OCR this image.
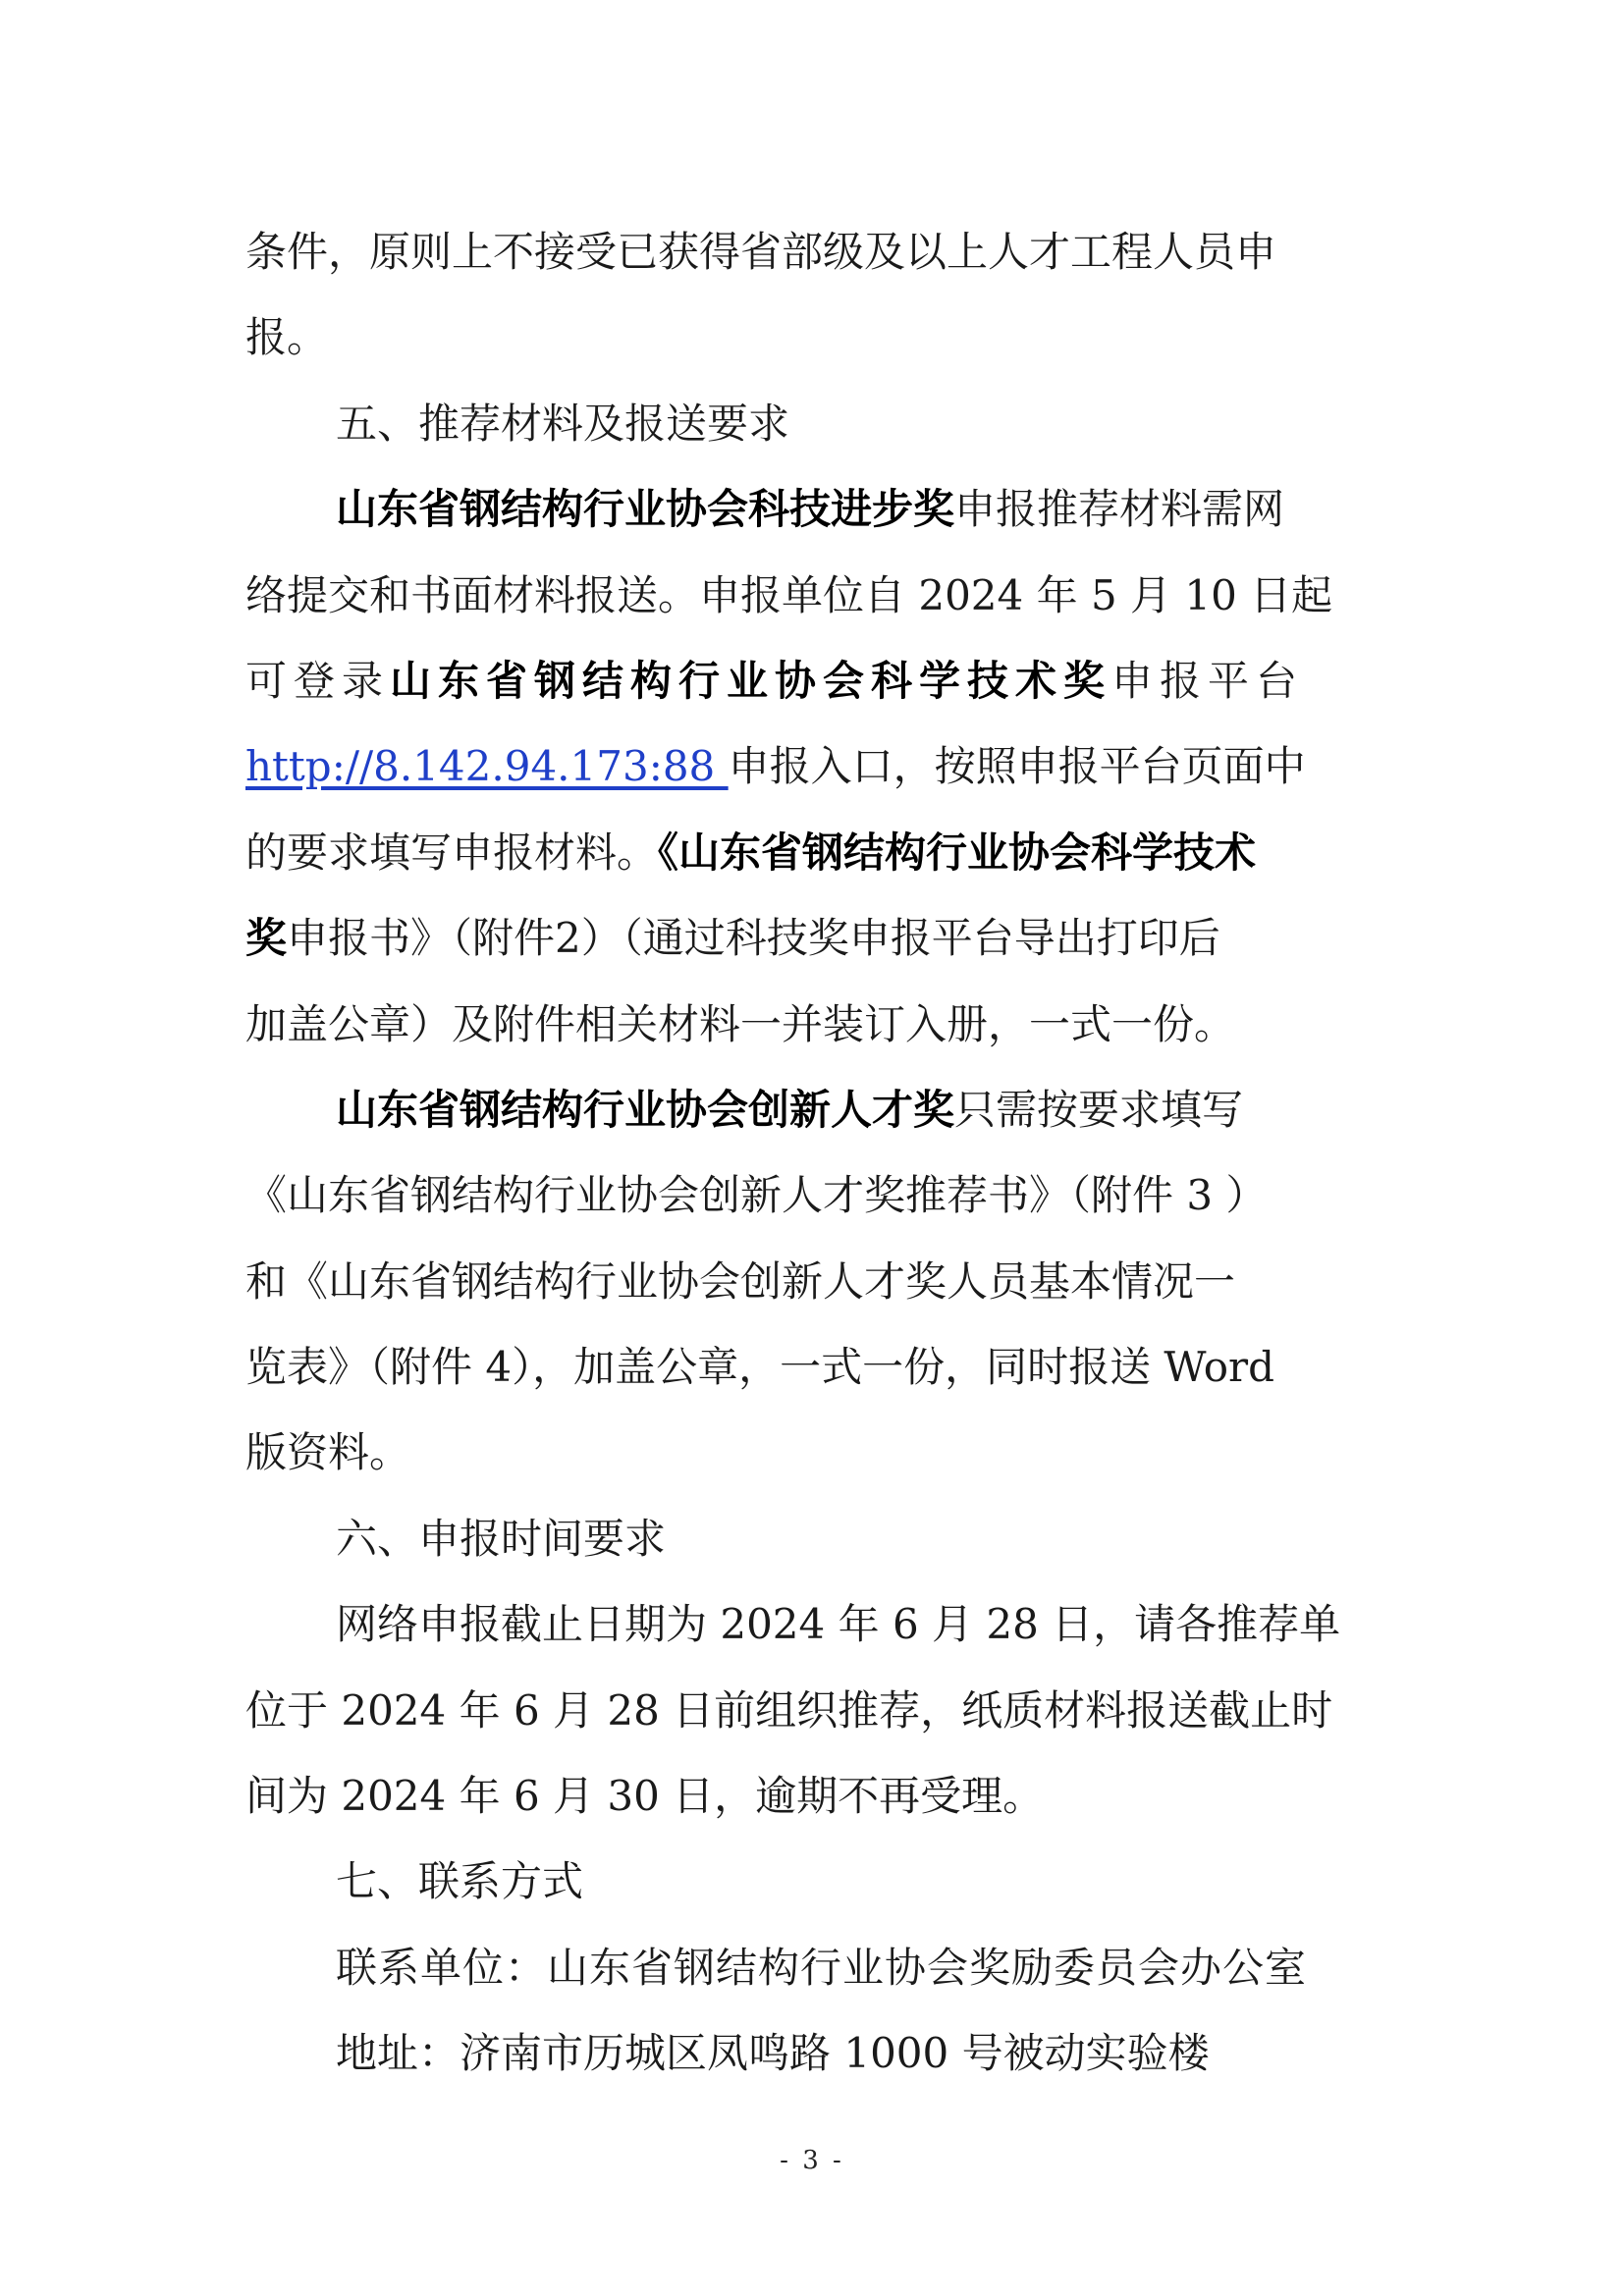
条件，原则上不接受已获得省部级及以上人才工程人员申
报。
五、推荐材料及报送要求
山东省钢结构行业协会科技进步奖申报推荐材料需网
络提交和书面材料报送。申报单位自 2024 年 5 月 10 日起
可登录山东省钢结构行业协会科学技术奖申报平台
http://8.142.94.173:88 申报入口，按照申报平台页面中
的要求填写申报材料。《山东省钢结构行业协会科学技术
奖申报书》（附件2）（通过科技奖申报平台导出打印后
加盖公章）及附件相关材料一并装订入册，一式一份。
山东省钢结构行业协会创新人才奖只需按要求填写
《山东省钢结构行业协会创新人才奖推荐书》（附件 3 ）
和《山东省钢结构行业协会创新人才奖人员基本情况一
览表》（附件 4），加盖公章，一式一份，同时报送 Word
版资料。
六、申报时间要求
网络申报截止日期为 2024 年 6 月 28 日，请各推荐单
位于 2024 年 6 月 28 日前组织推荐，纸质材料报送截止时
间为 2024 年 6 月 30 日，逾期不再受理。
七、联系方式
联系单位：山东省钢结构行业协会奖励委员会办公室
地址：济南市历城区凤鸣路 1000 号被动实验楼
- 3 -
